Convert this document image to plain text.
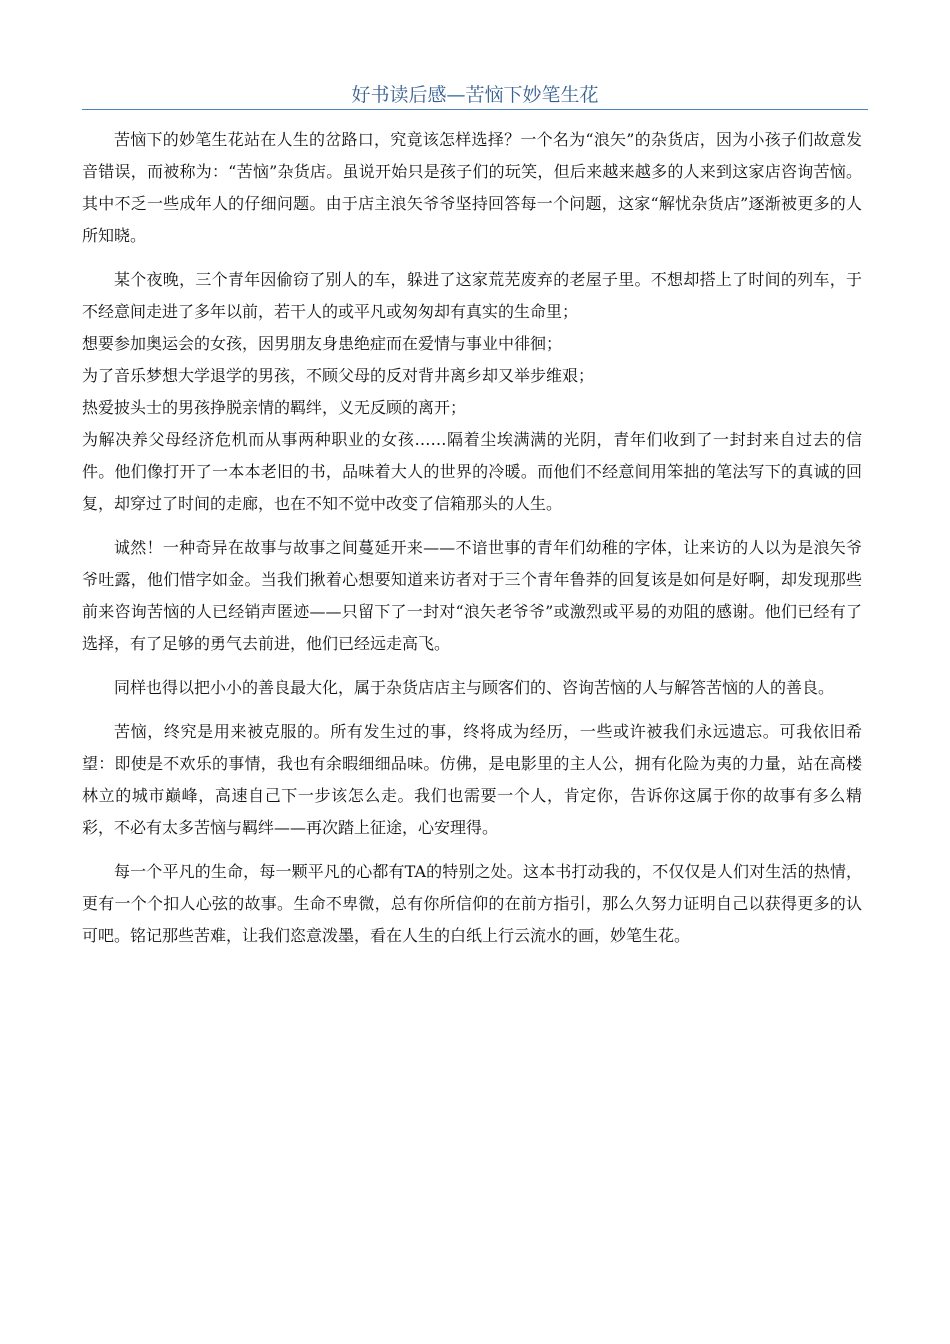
好书读后感—苦恼下妙笔生花

苦恼下的妙笔生花站在人生的岔路口，究竟该怎样选择？一个名为“浪矢”的杂货店，因为小孩子们故意发音错误，而被称为：“苦恼”杂货店。虽说开始只是孩子们的玩笑，但后来越来越多的人来到这家店咨询苦恼。其中不乏一些成年人的仔细问题。由于店主浪矢爷爷坚持回答每一个问题，这家“解忧杂货店”逐渐被更多的人所知晓。

某个夜晚，三个青年因偷窃了别人的车，躲进了这家荒芜废弃的老屋子里。不想却搭上了时间的列车，于不经意间走进了多年以前，若干人的或平凡或匆匆却有真实的生命里；

想要参加奥运会的女孩，因男朋友身患绝症而在爱情与事业中徘徊；

为了音乐梦想大学退学的男孩，不顾父母的反对背井离乡却又举步维艰；

热爱披头士的男孩挣脱亲情的羁绊，义无反顾的离开；

为解决养父母经济危机而从事两种职业的女孩……隔着尘埃满满的光阴，青年们收到了一封封来自过去的信件。他们像打开了一本本老旧的书，品味着大人的世界的冷暖。而他们不经意间用笨拙的笔法写下的真诚的回复，却穿过了时间的走廊，也在不知不觉中改变了信箱那头的人生。

诚然！一种奇异在故事与故事之间蔓延开来——不谙世事的青年们幼稚的字体，让来访的人以为是浪矢爷爷吐露，他们惜字如金。当我们揪着心想要知道来访者对于三个青年鲁莽的回复该是如何是好啊，却发现那些前来咨询苦恼的人已经销声匿迹——只留下了一封对“浪矢老爷爷”或激烈或平易的劝阻的感谢。他们已经有了选择，有了足够的勇气去前进，他们已经远走高飞。

同样也得以把小小的善良最大化，属于杂货店店主与顾客们的、咨询苦恼的人与解答苦恼的人的善良。

苦恼，终究是用来被克服的。所有发生过的事，终将成为经历，一些或许被我们永远遗忘。可我依旧希望：即使是不欢乐的事情，我也有余暇细细品味。仿佛，是电影里的主人公，拥有化险为夷的力量，站在高楼林立的城市巅峰，高速自己下一步该怎么走。我们也需要一个人，肯定你，告诉你这属于你的故事有多么精彩，不必有太多苦恼与羁绊——再次踏上征途，心安理得。

每一个平凡的生命，每一颗平凡的心都有TA的特别之处。这本书打动我的，不仅仅是人们对生活的热情，更有一个个扣人心弦的故事。生命不卑微，总有你所信仰的在前方指引，那么久努力证明自己以获得更多的认可吧。铭记那些苦难，让我们恣意泼墨，看在人生的白纸上行云流水的画，妙笔生花。
